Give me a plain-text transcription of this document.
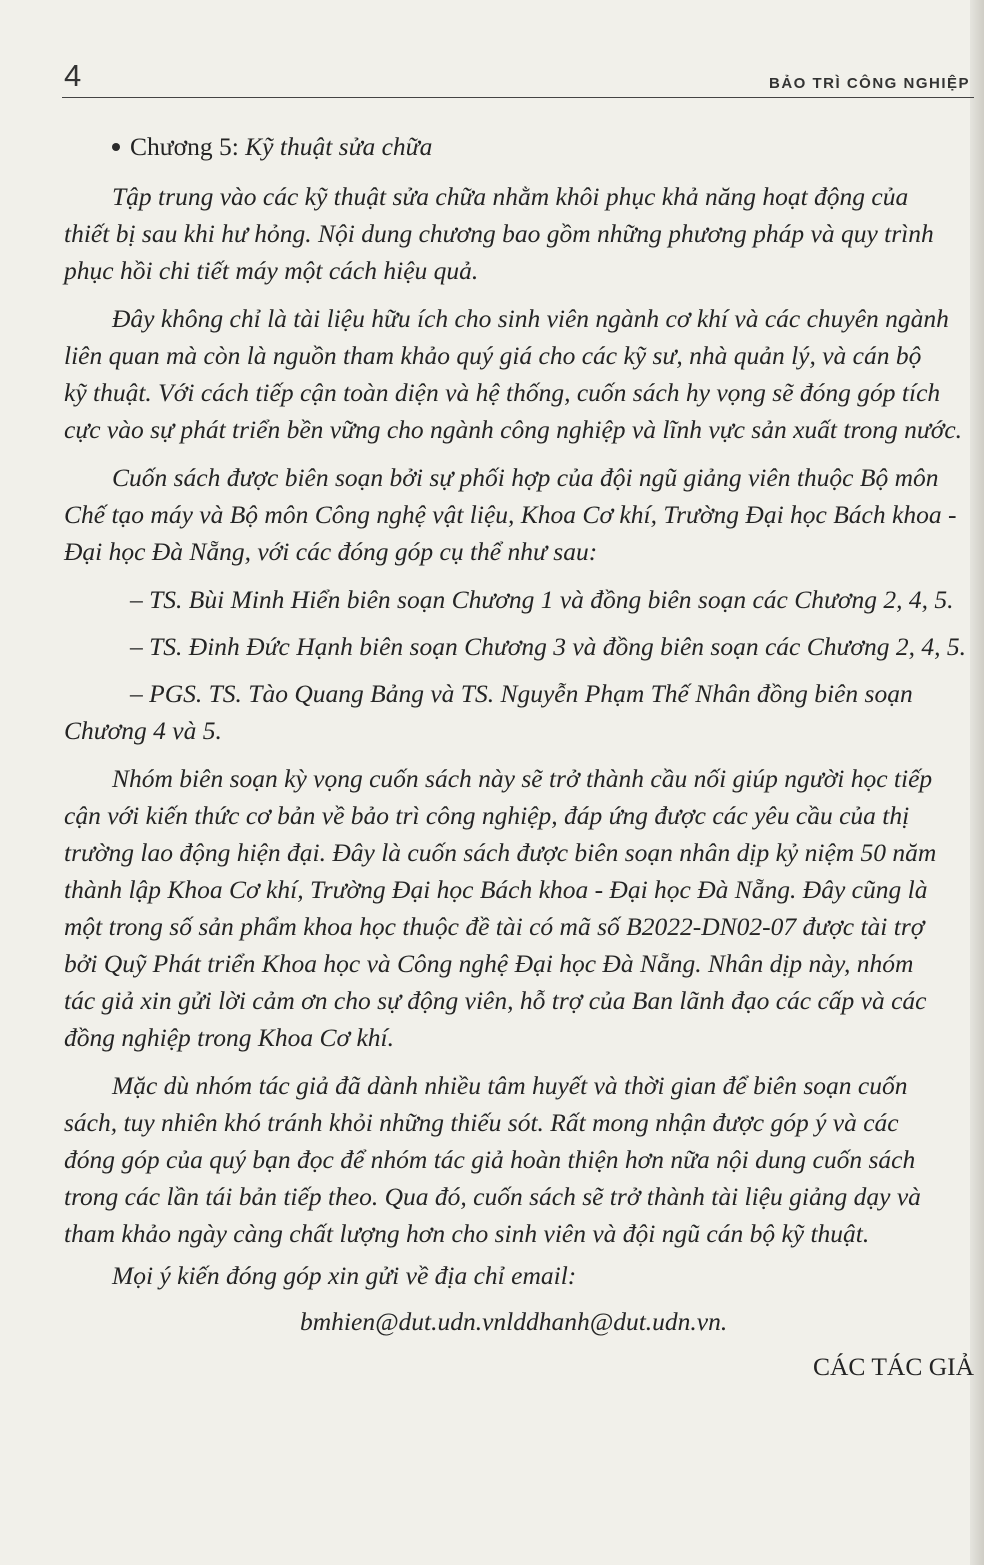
4	BẢO TRÌ CÔNG NGHIỆP
Chương 5: Kỹ thuật sửa chữa
Tập trung vào các kỹ thuật sửa chữa nhằm khôi phục khả năng hoạt động của
thiết bị sau khi hư hỏng. Nội dung chương bao gồm những phương pháp và quy trình
phục hồi chi tiết máy một cách hiệu quả.
Đây không chỉ là tài liệu hữu ích cho sinh viên ngành cơ khí và các chuyên ngành
liên quan mà còn là nguồn tham khảo quý giá cho các kỹ sư, nhà quản lý, và cán bộ
kỹ thuật. Với cách tiếp cận toàn diện và hệ thống, cuốn sách hy vọng sẽ đóng góp tích
cực vào sự phát triển bền vững cho ngành công nghiệp và lĩnh vực sản xuất trong nước.
Cuốn sách được biên soạn bởi sự phối hợp của đội ngũ giảng viên thuộc Bộ môn
Chế tạo máy và Bộ môn Công nghệ vật liệu, Khoa Cơ khí, Trường Đại học Bách khoa -
Đại học Đà Nẵng, với các đóng góp cụ thể như sau:
– TS. Bùi Minh Hiển biên soạn Chương 1 và đồng biên soạn các Chương 2, 4, 5.
– TS. Đinh Đức Hạnh biên soạn Chương 3 và đồng biên soạn các Chương 2, 4, 5.
– PGS. TS. Tào Quang Bảng và TS. Nguyễn Phạm Thế Nhân đồng biên soạn
Chương 4 và 5.
Nhóm biên soạn kỳ vọng cuốn sách này sẽ trở thành cầu nối giúp người học tiếp
cận với kiến thức cơ bản về bảo trì công nghiệp, đáp ứng được các yêu cầu của thị
trường lao động hiện đại. Đây là cuốn sách được biên soạn nhân dịp kỷ niệm 50 năm
thành lập Khoa Cơ khí, Trường Đại học Bách khoa - Đại học Đà Nẵng. Đây cũng là
một trong số sản phẩm khoa học thuộc đề tài có mã số B2022-DN02-07 được tài trợ
bởi Quỹ Phát triển Khoa học và Công nghệ Đại học Đà Nẵng. Nhân dịp này, nhóm
tác giả xin gửi lời cảm ơn cho sự động viên, hỗ trợ của Ban lãnh đạo các cấp và các
đồng nghiệp trong Khoa Cơ khí.
Mặc dù nhóm tác giả đã dành nhiều tâm huyết và thời gian để biên soạn cuốn
sách, tuy nhiên khó tránh khỏi những thiếu sót. Rất mong nhận được góp ý và các
đóng góp của quý bạn đọc để nhóm tác giả hoàn thiện hơn nữa nội dung cuốn sách
trong các lần tái bản tiếp theo. Qua đó, cuốn sách sẽ trở thành tài liệu giảng dạy và
tham khảo ngày càng chất lượng hơn cho sinh viên và đội ngũ cán bộ kỹ thuật.
Mọi ý kiến đóng góp xin gửi về địa chỉ email:
bmhien@dut.udn.vnlddhanh@dut.udn.vn.
CÁC TÁC GIẢ
